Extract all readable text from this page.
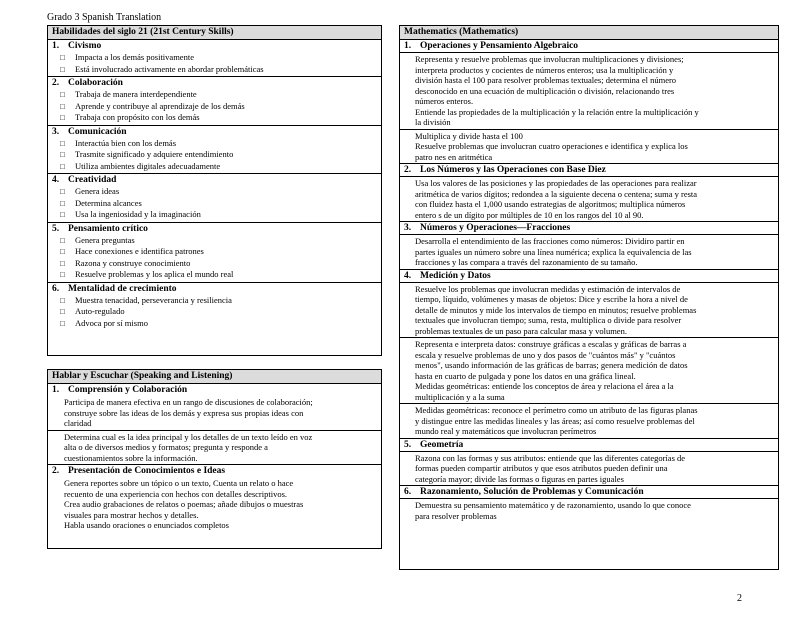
Grado 3 Spanish Translation
Habilidades del siglo 21 (21st Century Skills)
1. Civismo
□ Impacta a los demás positivamente
□ Está involucrado activamente en abordar problemáticas
2. Colaboración
□ Trabaja de manera interdependiente
□ Aprende y contribuye al aprendizaje de los demás
□ Trabaja con propósito con los demás
3. Comunicación
□ Interactúa bien con los demás
□ Trasmite significado y adquiere entendimiento
□ Utiliza ambientes digitales adecuadamente
4. Creatividad
□ Genera ideas
□ Determina alcances
□ Usa la ingeniosidad y la imaginación
5. Pensamiento crítico
□ Genera preguntas
□ Hace conexiones e identifica patrones
□ Razona y construye conocimiento
□ Resuelve problemas y los aplica el mundo real
6. Mentalidad de crecimiento
□ Muestra tenacidad, perseverancia y resiliencia
□ Auto-regulado
□ Advoca por sí mismo
Hablar y Escuchar (Speaking and Listening)
1. Comprensión y Colaboración

Participa de manera efectiva en un rango de discusiones de colaboración;

construye sobre las ideas de los demás y expresa sus propias ideas con

claridad

Determina cual es la idea principal y los detalles de un texto leído en voz

alta o de diversos medios y formatos; pregunta y responde a

cuestionamientos sobre la información.

2. Presentación de Conocimientos e Ideas

Genera reportes sobre un tópico o un texto, Cuenta un relato o hace

recuento de una experiencia con hechos con detalles descriptivos.

Crea audio grabaciones de relatos o poemas; añade dibujos o muestras

visuales para mostrar hechos y detalles.

Habla usando oraciones o enunciados completos

Mathematics (Mathematics)
1. Operaciones y Pensamiento Algebraico

Representa y resuelve problemas que involucran multiplicaciones y divisiones;

interpreta productos y cocientes de números enteros; usa la multiplicación y

división hasta el 100 para resolver problemas textuales; determina el número

desconocido en una ecuación de multiplicación o división, relacionando tres

números enteros.

Entiende las propiedades de la multiplicación y la relación entre la multiplicación y

la división

Multiplica y divide hasta el 100

Resuelve problemas que involucran cuatro operaciones e identifica y explica los

patro nes en aritmética

2. Los Números y las Operaciones con Base Diez

Usa los valores de las posiciones y las propiedades de las operaciones para realizar

aritmética de varios dígitos; redondea a la siguiente decena o centena; suma y resta

con fluidez hasta el 1,000 usando estrategias de algoritmos; multiplica números

entero s de un dígito por múltiples de 10 en los rangos del 10 al 90.

3. Números y Operaciones—Fracciones

Desarrolla el entendimiento de las fracciones como números: Dividiro partir en

partes iguales un número sobre una línea numérica; explica la equivalencia de las

fracciones y las compara a través del razonamiento de su tamaño.

4. Medición y Datos

Resuelve los problemas que involucran medidas y estimación de intervalos de

tiempo, líquido, volúmenes y masas de objetos: Dice y escribe la hora a nivel de

detalle de minutos y mide los intervalos de tiempo en minutos; resuelve problemas

textuales que involucran tiempo; suma, resta, multiplica o divide para resolver

problemas textuales de un paso para calcular masa y volumen.

Representa e interpreta datos: construye gráficas a escalas y gráficas de barras a

escala y resuelve problemas de uno y dos pasos de "cuántos más" y "cuántos

menos", usando información de las gráficas de barras; genera medición de datos

hasta en cuarto de pulgada y pone los datos en una gráfica lineal.

Medidas geométricas: entiende los conceptos de área y relaciona el área a la

multiplicación y a la suma

Medidas geométricas: reconoce el perímetro como un atributo de las figuras planas

y distingue entre las medidas lineales y las áreas; así como resuelve problemas del

mundo real y matemáticos que involucran perímetros

5. Geometría

Razona con las formas y sus atributos: entiende que las diferentes categorías de

formas pueden compartir atributos y que esos atributos pueden definir una

categoría mayor; divide las formas o figuras en partes iguales

6. Razonamiento, Solución de Problemas y Comunicación

Demuestra su pensamiento matemático y de razonamiento, usando lo que conoce

para resolver problemas

2
